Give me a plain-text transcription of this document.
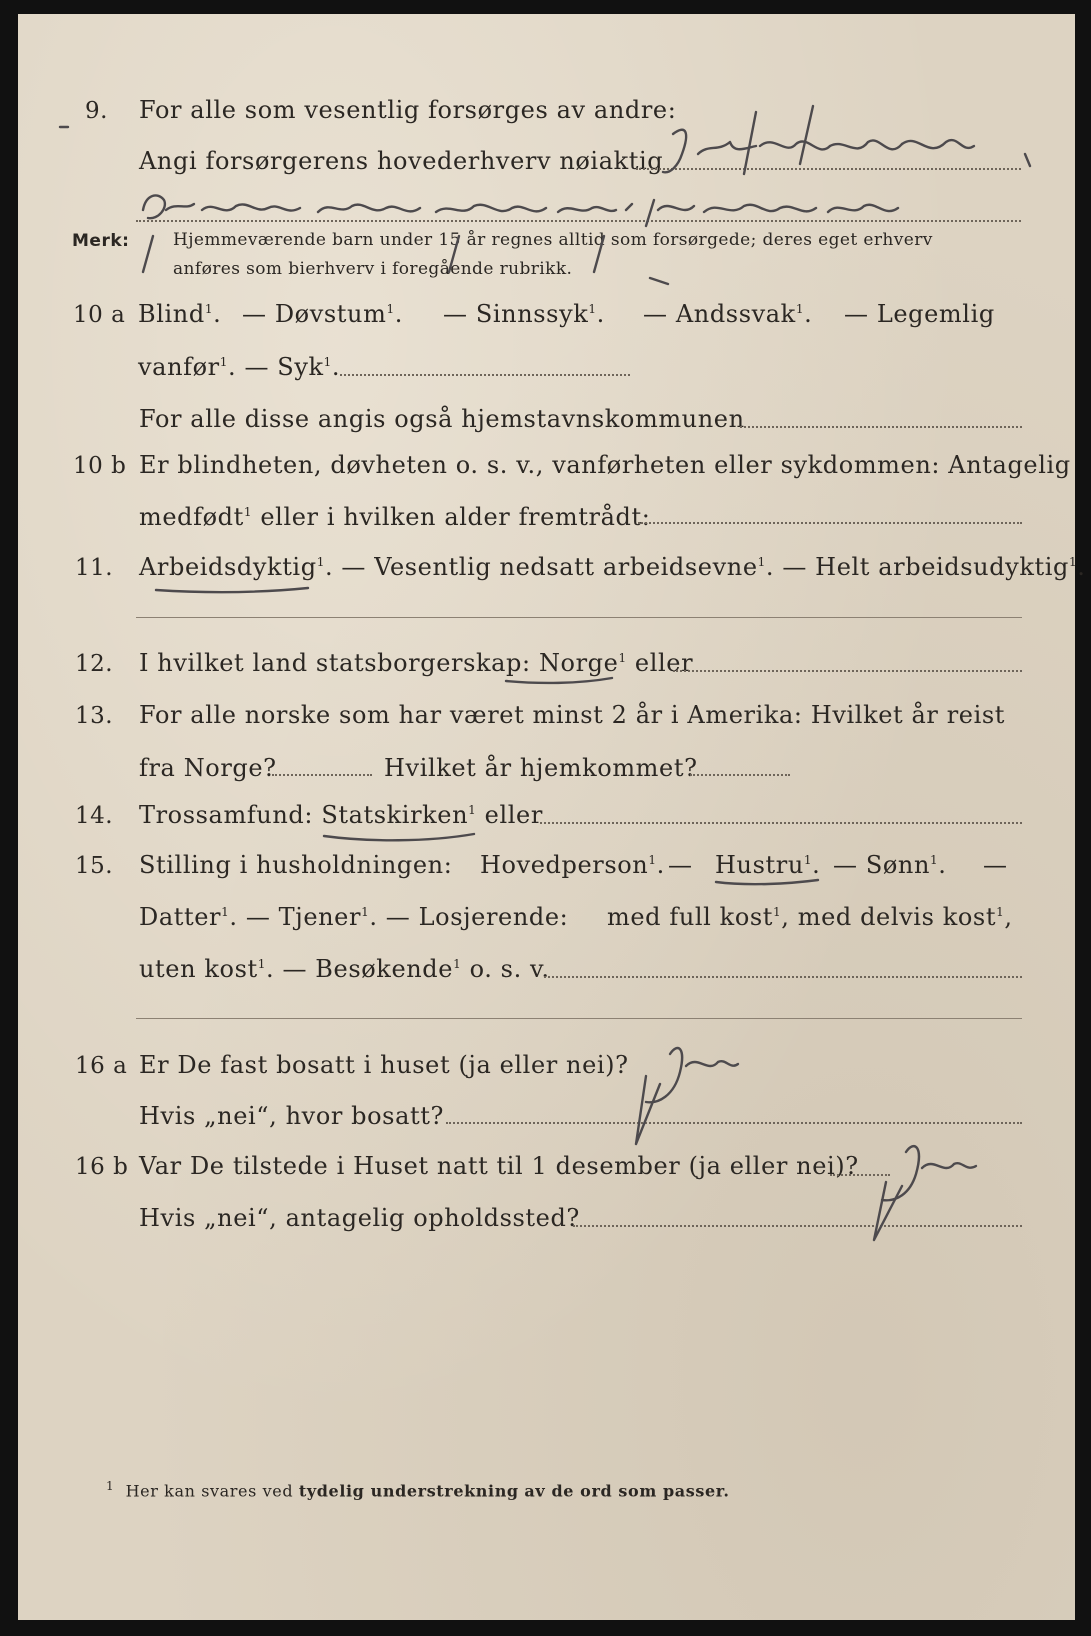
9. For alle som vesentlig forsørges av andre:
Angi forsørgerens hovederhverv nøiaktig
Merk:	Hjemmeværende barn under 15 år regnes alltid som forsørgede; deres eget erhverv
anføres som bierhverv i foregående rubrikk.
10 a Blind$^1$. — Døvstum$^1$. — Sinnssyk$^1$. — Andssvak$^1$. — Legemlig
vanfør$^1$. — Syk$^1$.
For alle disse angis også hjemstavnskommunen
10 b Er blindheten, døvheten o. s. v., vanførheten eller sykdommen: Antagelig
medfødt$^1$ eller i hvilken alder fremtrådt:
11. Arbeidsdyktig$^1$. — Vesentlig nedsatt arbeidsevne$^1$. — Helt arbeidsudyktig$^1$.
12. I hvilket land statsborgerskap: Norge$^1$ eller
13. For alle norske som har været minst 2 år i Amerika: Hvilket år reist
fra Norge?	Hvilket år hjemkommet?
14. Trossamfund: Statskirken$^1$ eller
15. Stilling i husholdningen: Hovedperson$^1$. — Hustru$^1$. — Sønn$^1$. —
Datter$^1$. — Tjener$^1$. — Losjerende: med full kost$^1$, med delvis kost$^1$,
uten kost$^1$. — Besøkende$^1$ o. s. v.
16 a Er De fast bosatt i huset (ja eller nei)?
Hvis „nei“, hvor bosatt?
16 b Var De tilstede i Huset natt til 1 desember (ja eller nei)?
Hvis „nei“, antagelig opholdssted?
$^1$ Her kan svares ved tydelig understrekning av de ord som passer.
